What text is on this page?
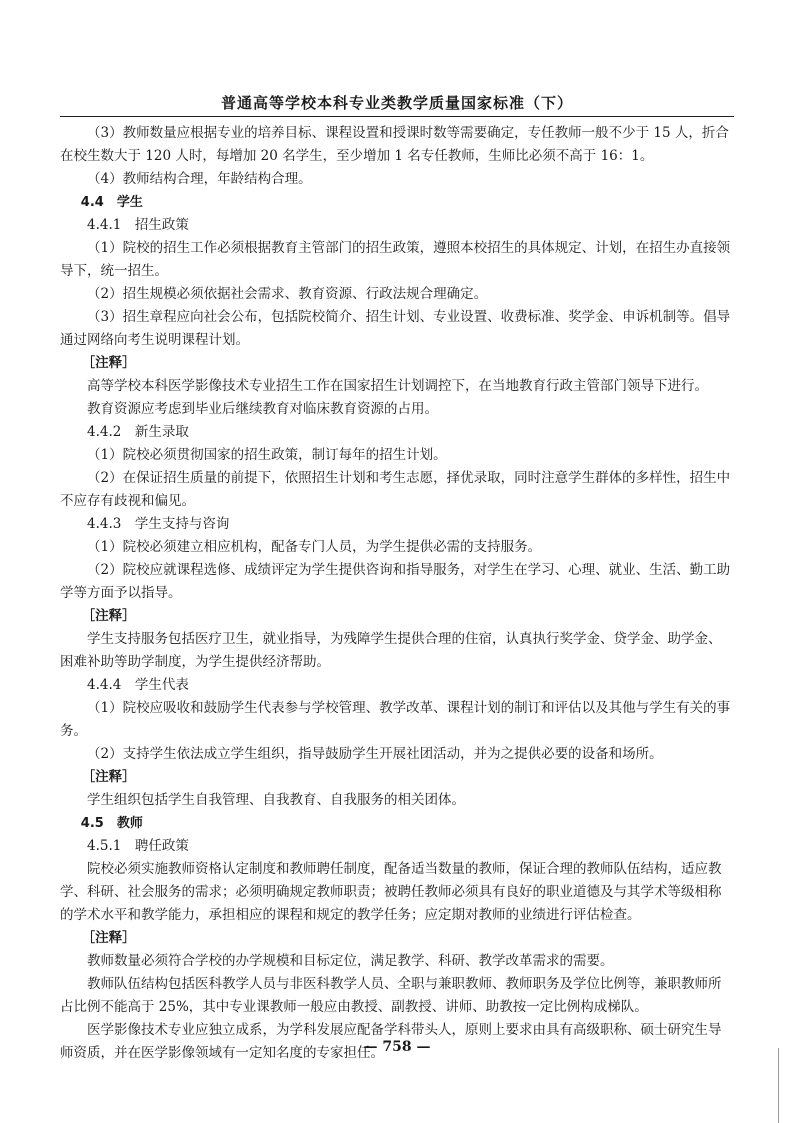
普通高等学校本科专业类教学质量国家标准（下）

（3）教师数量应根据专业的培养目标、课程设置和授课时数等需要确定，专任教师一般不少于 15 人，折合在校生数大于 120 人时，每增加 20 名学生，至少增加 1 名专任教师，生师比必须不高于 16：1。

（4）教师结构合理，年龄结构合理。

4.4　学生

4.4.1　招生政策

（1）院校的招生工作必须根据教育主管部门的招生政策，遵照本校招生的具体规定、计划，在招生办直接领导下，统一招生。

（2）招生规模必须依据社会需求、教育资源、行政法规合理确定。

（3）招生章程应向社会公布，包括院校简介、招生计划、专业设置、收费标准、奖学金、申诉机制等。倡导通过网络向考生说明课程计划。

［注释］

高等学校本科医学影像技术专业招生工作在国家招生计划调控下，在当地教育行政主管部门领导下进行。

教育资源应考虑到毕业后继续教育对临床教育资源的占用。

4.4.2　新生录取

（1）院校必须贯彻国家的招生政策，制订每年的招生计划。

（2）在保证招生质量的前提下，依照招生计划和考生志愿，择优录取，同时注意学生群体的多样性，招生中不应存有歧视和偏见。

4.4.3　学生支持与咨询

（1）院校必须建立相应机构，配备专门人员，为学生提供必需的支持服务。

（2）院校应就课程选修、成绩评定为学生提供咨询和指导服务，对学生在学习、心理、就业、生活、勤工助学等方面予以指导。

［注释］

学生支持服务包括医疗卫生，就业指导，为残障学生提供合理的住宿，认真执行奖学金、贷学金、助学金、困难补助等助学制度，为学生提供经济帮助。

4.4.4　学生代表

（1）院校应吸收和鼓励学生代表参与学校管理、教学改革、课程计划的制订和评估以及其他与学生有关的事务。

（2）支持学生依法成立学生组织，指导鼓励学生开展社团活动，并为之提供必要的设备和场所。

［注释］

学生组织包括学生自我管理、自我教育、自我服务的相关团体。

4.5　教师

4.5.1　聘任政策

院校必须实施教师资格认定制度和教师聘任制度，配备适当数量的教师，保证合理的教师队伍结构，适应教学、科研、社会服务的需求；必须明确规定教师职责；被聘任教师必须具有良好的职业道德及与其学术等级相称的学术水平和教学能力，承担相应的课程和规定的教学任务；应定期对教师的业绩进行评估检查。

［注释］

教师数量必须符合学校的办学规模和目标定位，满足教学、科研、教学改革需求的需要。

教师队伍结构包括医科教学人员与非医科教学人员、全职与兼职教师、教师职务及学位比例等，兼职教师所占比例不能高于 25%，其中专业课教师一般应由教授、副教授、讲师、助教按一定比例构成梯队。

医学影像技术专业应独立成系，为学科发展应配备学科带头人，原则上要求由具有高级职称、硕士研究生导师资质，并在医学影像领域有一定知名度的专家担任。

— 758 —
